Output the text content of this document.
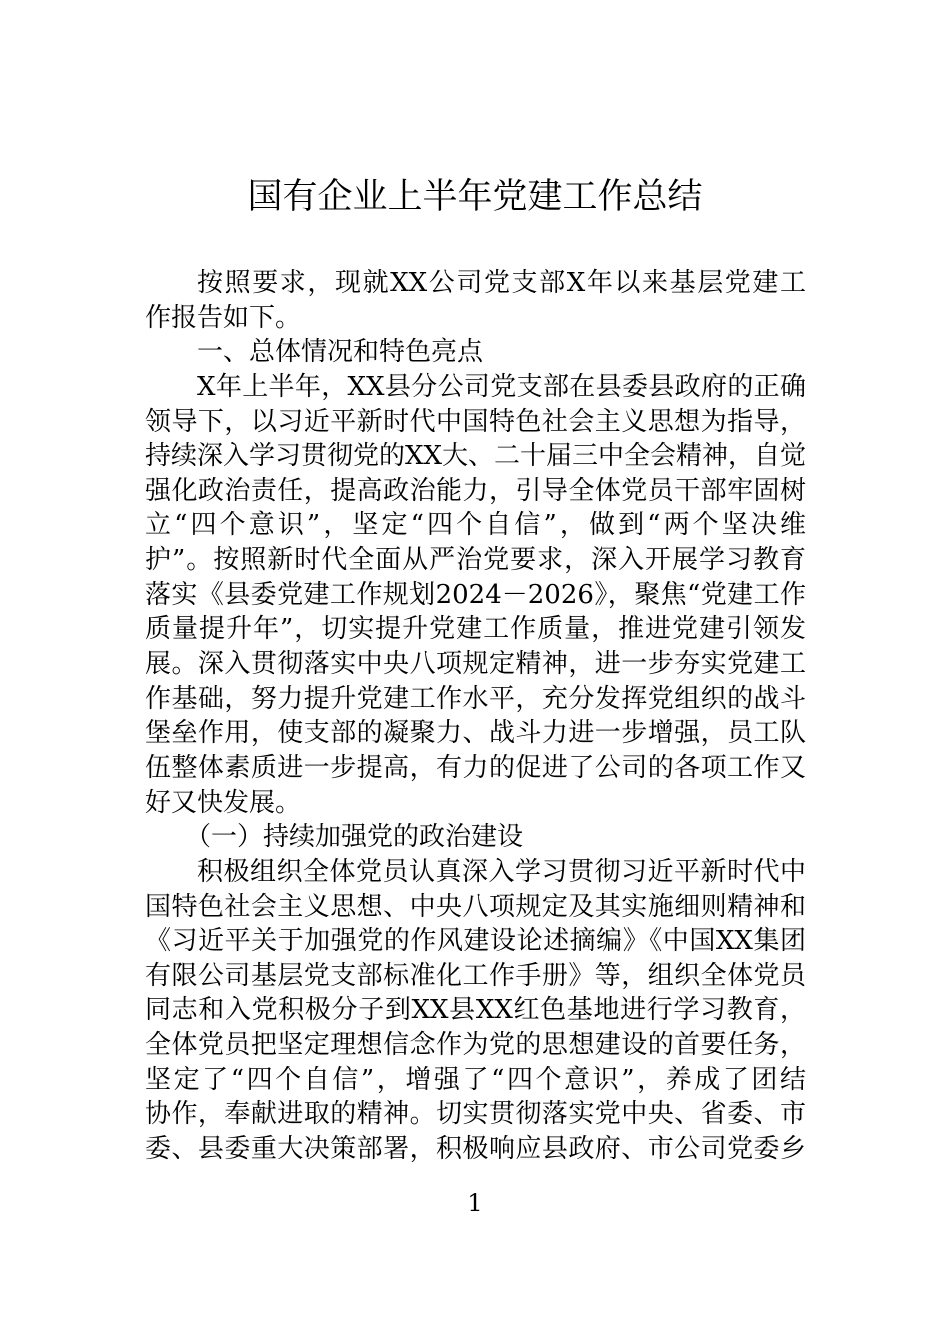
国有企业上半年党建工作总结
按照要求，现就XX公司党支部X年以来基层党建工
作报告如下。
一、总体情况和特色亮点
X年上半年，XX县分公司党支部在县委县政府的正确
领导下，以习近平新时代中国特色社会主义思想为指导，
持续深入学习贯彻党的XX大、二十届三中全会精神，自觉
强化政治责任，提高政治能力，引导全体党员干部牢固树
立“四个意识”，坚定“四个自信”，做到“两个坚决维
护”。按照新时代全面从严治党要求，深入开展学习教育
落实《县委党建工作规划2024－2026》，聚焦“党建工作
质量提升年”，切实提升党建工作质量，推进党建引领发
展。深入贯彻落实中央八项规定精神，进一步夯实党建工
作基础，努力提升党建工作水平，充分发挥党组织的战斗
堡垒作用，使支部的凝聚力、战斗力进一步增强，员工队
伍整体素质进一步提高，有力的促进了公司的各项工作又
好又快发展。
（一）持续加强党的政治建设
积极组织全体党员认真深入学习贯彻习近平新时代中
国特色社会主义思想、中央八项规定及其实施细则精神和
《习近平关于加强党的作风建设论述摘编》《中国XX集团
有限公司基层党支部标准化工作手册》等，组织全体党员
同志和入党积极分子到XX县XX红色基地进行学习教育，
全体党员把坚定理想信念作为党的思想建设的首要任务，
坚定了“四个自信”，增强了“四个意识”，养成了团结
协作，奉献进取的精神。切实贯彻落实党中央、省委、市
委、县委重大决策部署，积极响应县政府、市公司党委乡
1
